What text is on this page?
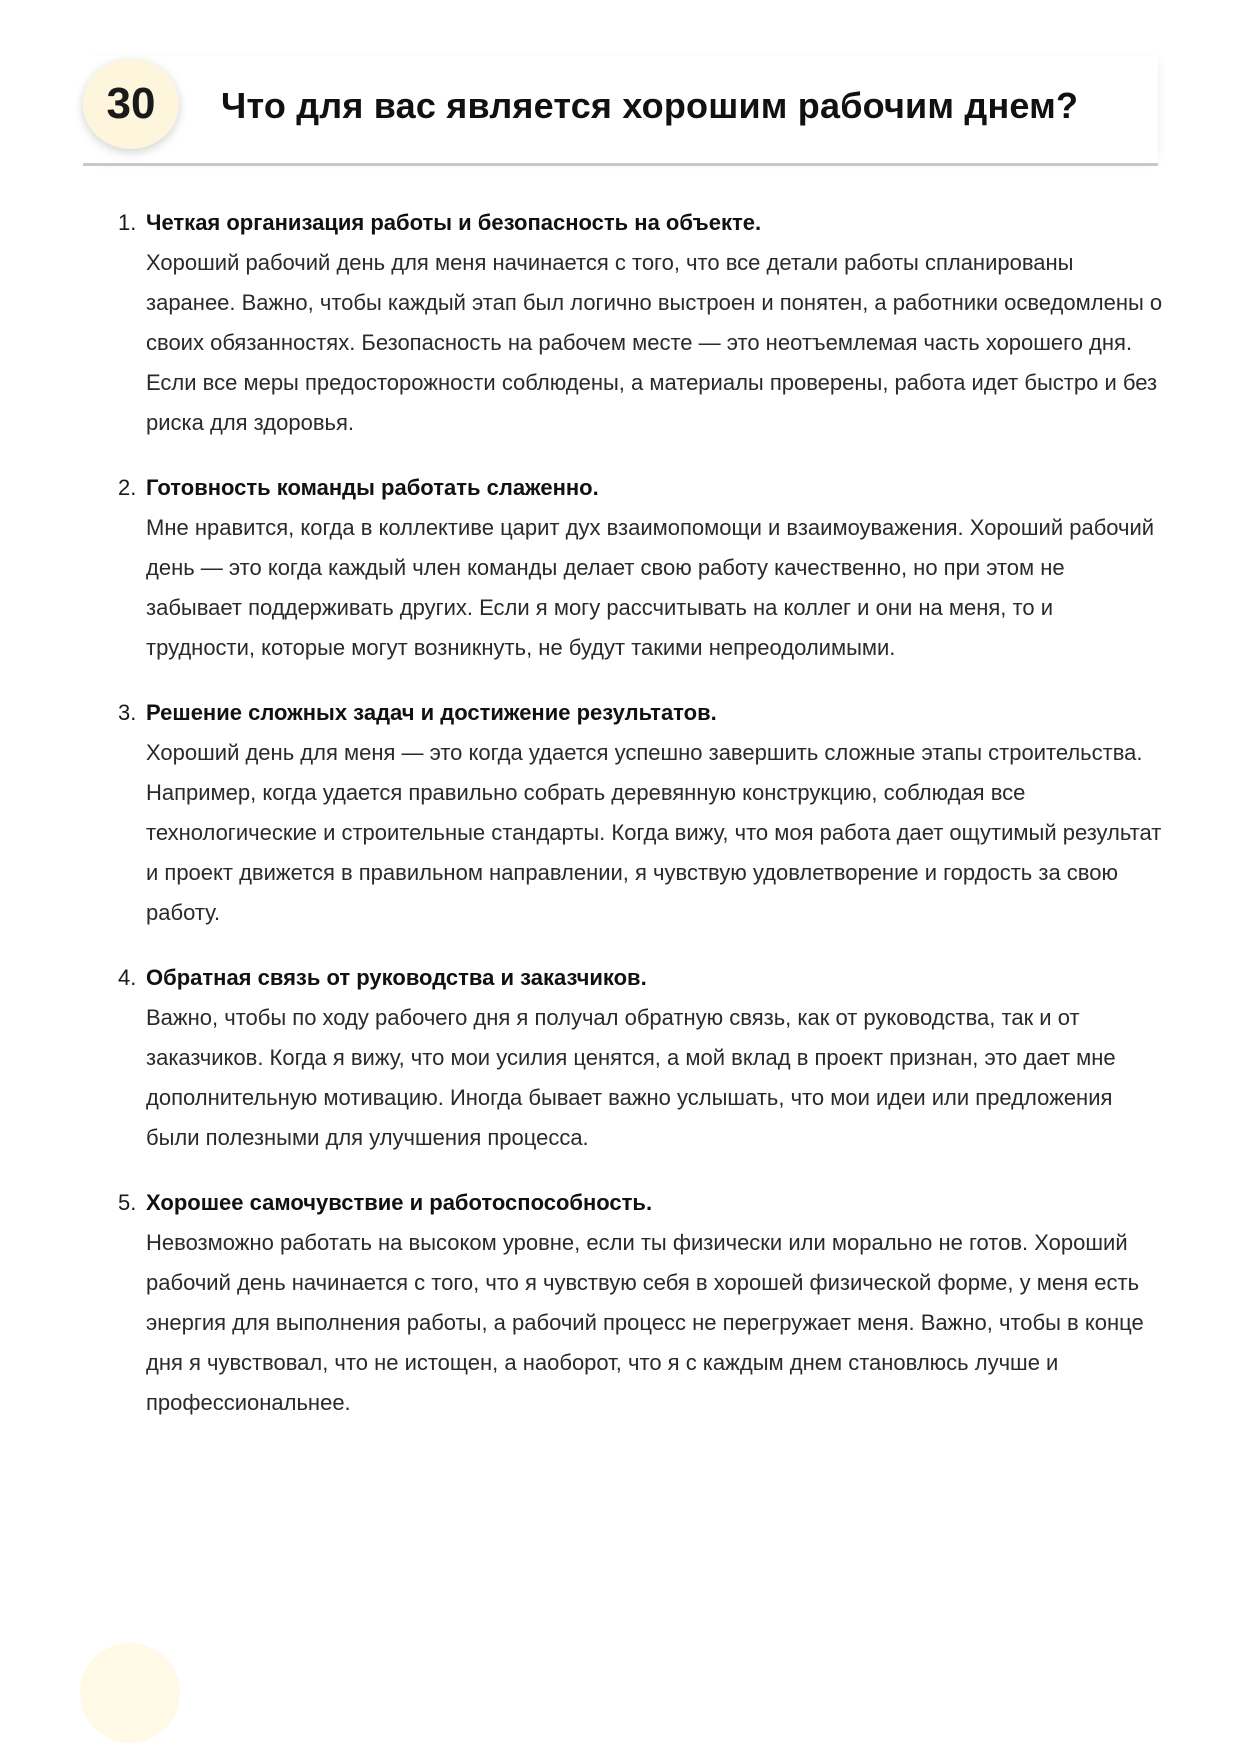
30	Что для вас является хорошим рабочим днем?
1. Четкая организация работы и безопасность на объекте.
Хороший рабочий день для меня начинается с того, что все детали работы спланированы заранее. Важно, чтобы каждый этап был логично выстроен и понятен, а работники осведомлены о своих обязанностях. Безопасность на рабочем месте — это неотъемлемая часть хорошего дня. Если все меры предосторожности соблюдены, а материалы проверены, работа идет быстро и без риска для здоровья.
2. Готовность команды работать слаженно.
Мне нравится, когда в коллективе царит дух взаимопомощи и взаимоуважения. Хороший рабочий день — это когда каждый член команды делает свою работу качественно, но при этом не забывает поддерживать других. Если я могу рассчитывать на коллег и они на меня, то и трудности, которые могут возникнуть, не будут такими непреодолимыми.
3. Решение сложных задач и достижение результатов.
Хороший день для меня — это когда удается успешно завершить сложные этапы строительства. Например, когда удается правильно собрать деревянную конструкцию, соблюдая все технологические и строительные стандарты. Когда вижу, что моя работа дает ощутимый результат и проект движется в правильном направлении, я чувствую удовлетворение и гордость за свою работу.
4. Обратная связь от руководства и заказчиков.
Важно, чтобы по ходу рабочего дня я получал обратную связь, как от руководства, так и от заказчиков. Когда я вижу, что мои усилия ценятся, а мой вклад в проект признан, это дает мне дополнительную мотивацию. Иногда бывает важно услышать, что мои идеи или предложения были полезными для улучшения процесса.
5. Хорошее самочувствие и работоспособность.
Невозможно работать на высоком уровне, если ты физически или морально не готов. Хороший рабочий день начинается с того, что я чувствую себя в хорошей физической форме, у меня есть энергия для выполнения работы, а рабочий процесс не перегружает меня. Важно, чтобы в конце дня я чувствовал, что не истощен, а наоборот, что я с каждым днем становлюсь лучше и профессиональнее.
